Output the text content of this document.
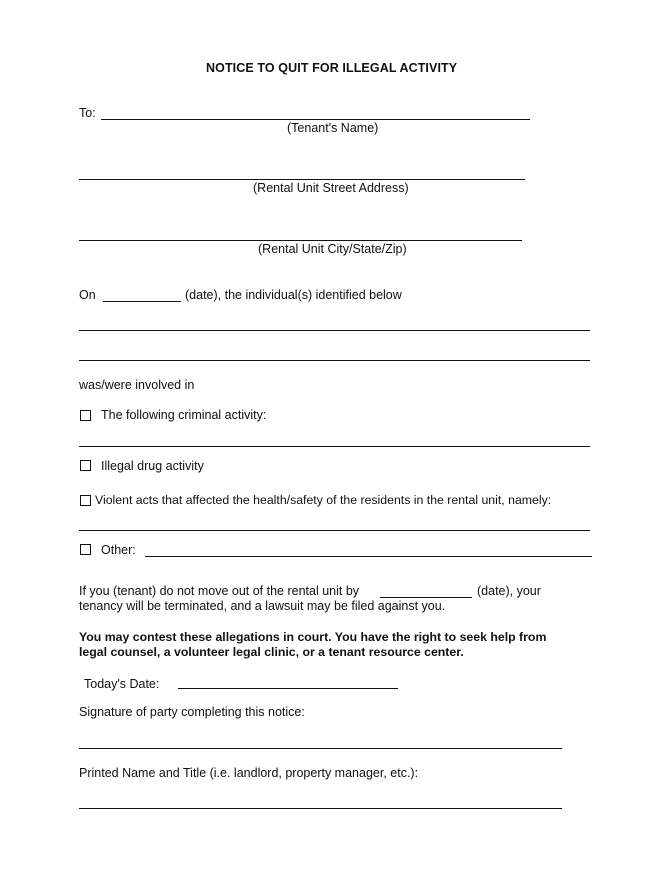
NOTICE TO QUIT FOR ILLEGAL ACTIVITY
To:
(Tenant's Name)
(Rental Unit Street Address)
(Rental Unit City/State/Zip)
On	(date), the individual(s) identified below
was/were involved in
The following criminal activity:
Illegal drug activity
Violent acts that affected the health/safety of the residents in the rental unit, namely:
Other:
If you (tenant) do not move out of the rental unit by	(date), your
tenancy will be terminated, and a lawsuit may be filed against you.
You may contest these allegations in court. You have the right to seek help from
legal counsel, a volunteer legal clinic, or a tenant resource center.
Today's Date:
Signature of party completing this notice:
Printed Name and Title (i.e. landlord, property manager, etc.):
